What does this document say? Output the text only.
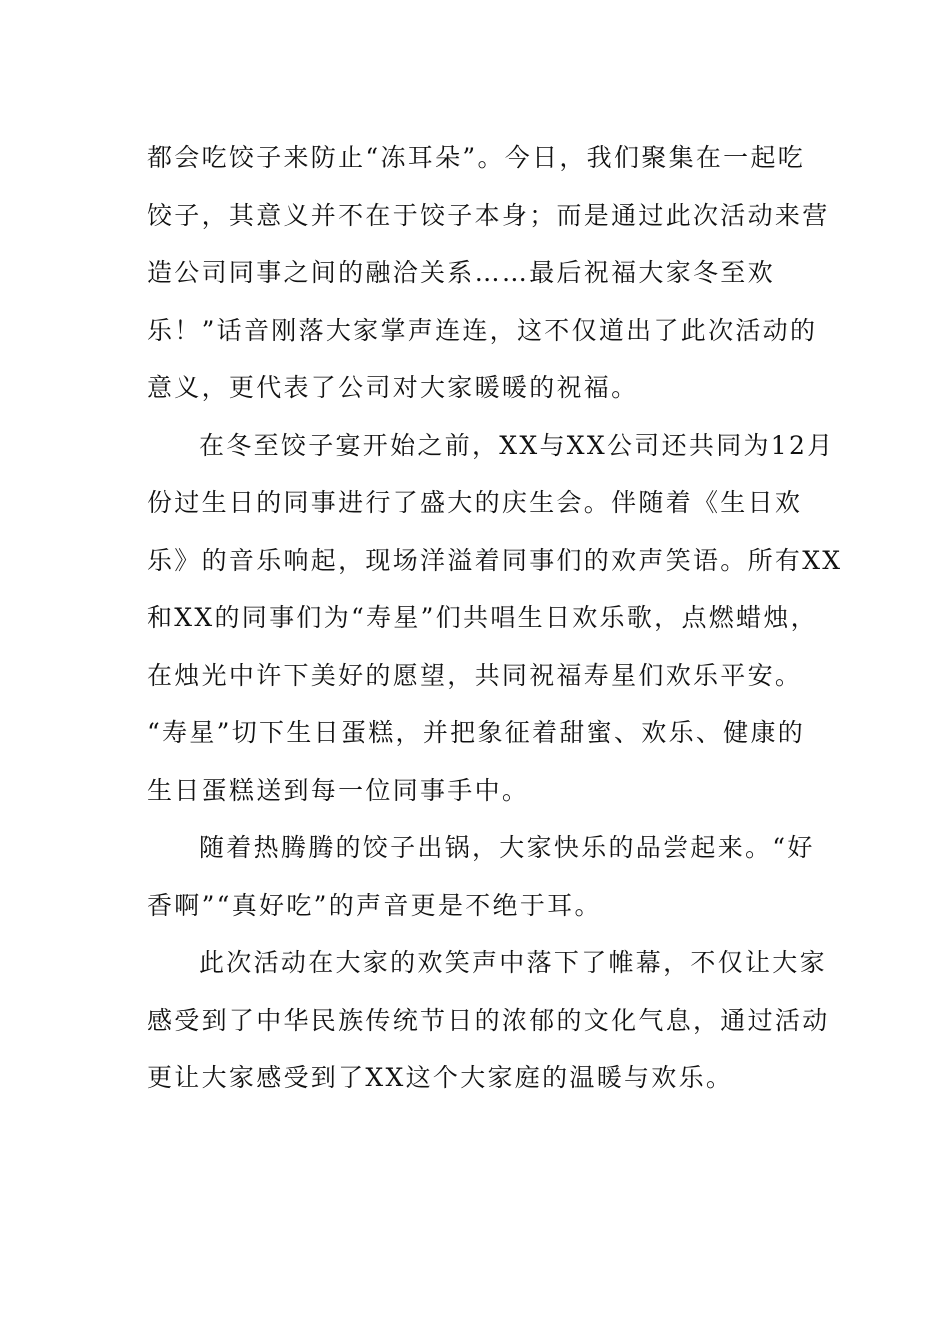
都会吃饺子来防止“冻耳朵”。今日，我们聚集在一起吃
饺子，其意义并不在于饺子本身；而是通过此次活动来营
造公司同事之间的融洽关系……最后祝福大家冬至欢
乐！”话音刚落大家掌声连连，这不仅道出了此次活动的
意义，更代表了公司对大家暖暖的祝福。
在冬至饺子宴开始之前，XX与XX公司还共同为12月
份过生日的同事进行了盛大的庆生会。伴随着《生日欢
乐》的音乐响起，现场洋溢着同事们的欢声笑语。所有XX
和XX的同事们为“寿星”们共唱生日欢乐歌，点燃蜡烛，
在烛光中许下美好的愿望，共同祝福寿星们欢乐平安。
“寿星”切下生日蛋糕，并把象征着甜蜜、欢乐、健康的
生日蛋糕送到每一位同事手中。
随着热腾腾的饺子出锅，大家快乐的品尝起来。“好
香啊”“真好吃”的声音更是不绝于耳。
此次活动在大家的欢笑声中落下了帷幕，不仅让大家
感受到了中华民族传统节日的浓郁的文化气息，通过活动
更让大家感受到了XX这个大家庭的温暖与欢乐。
